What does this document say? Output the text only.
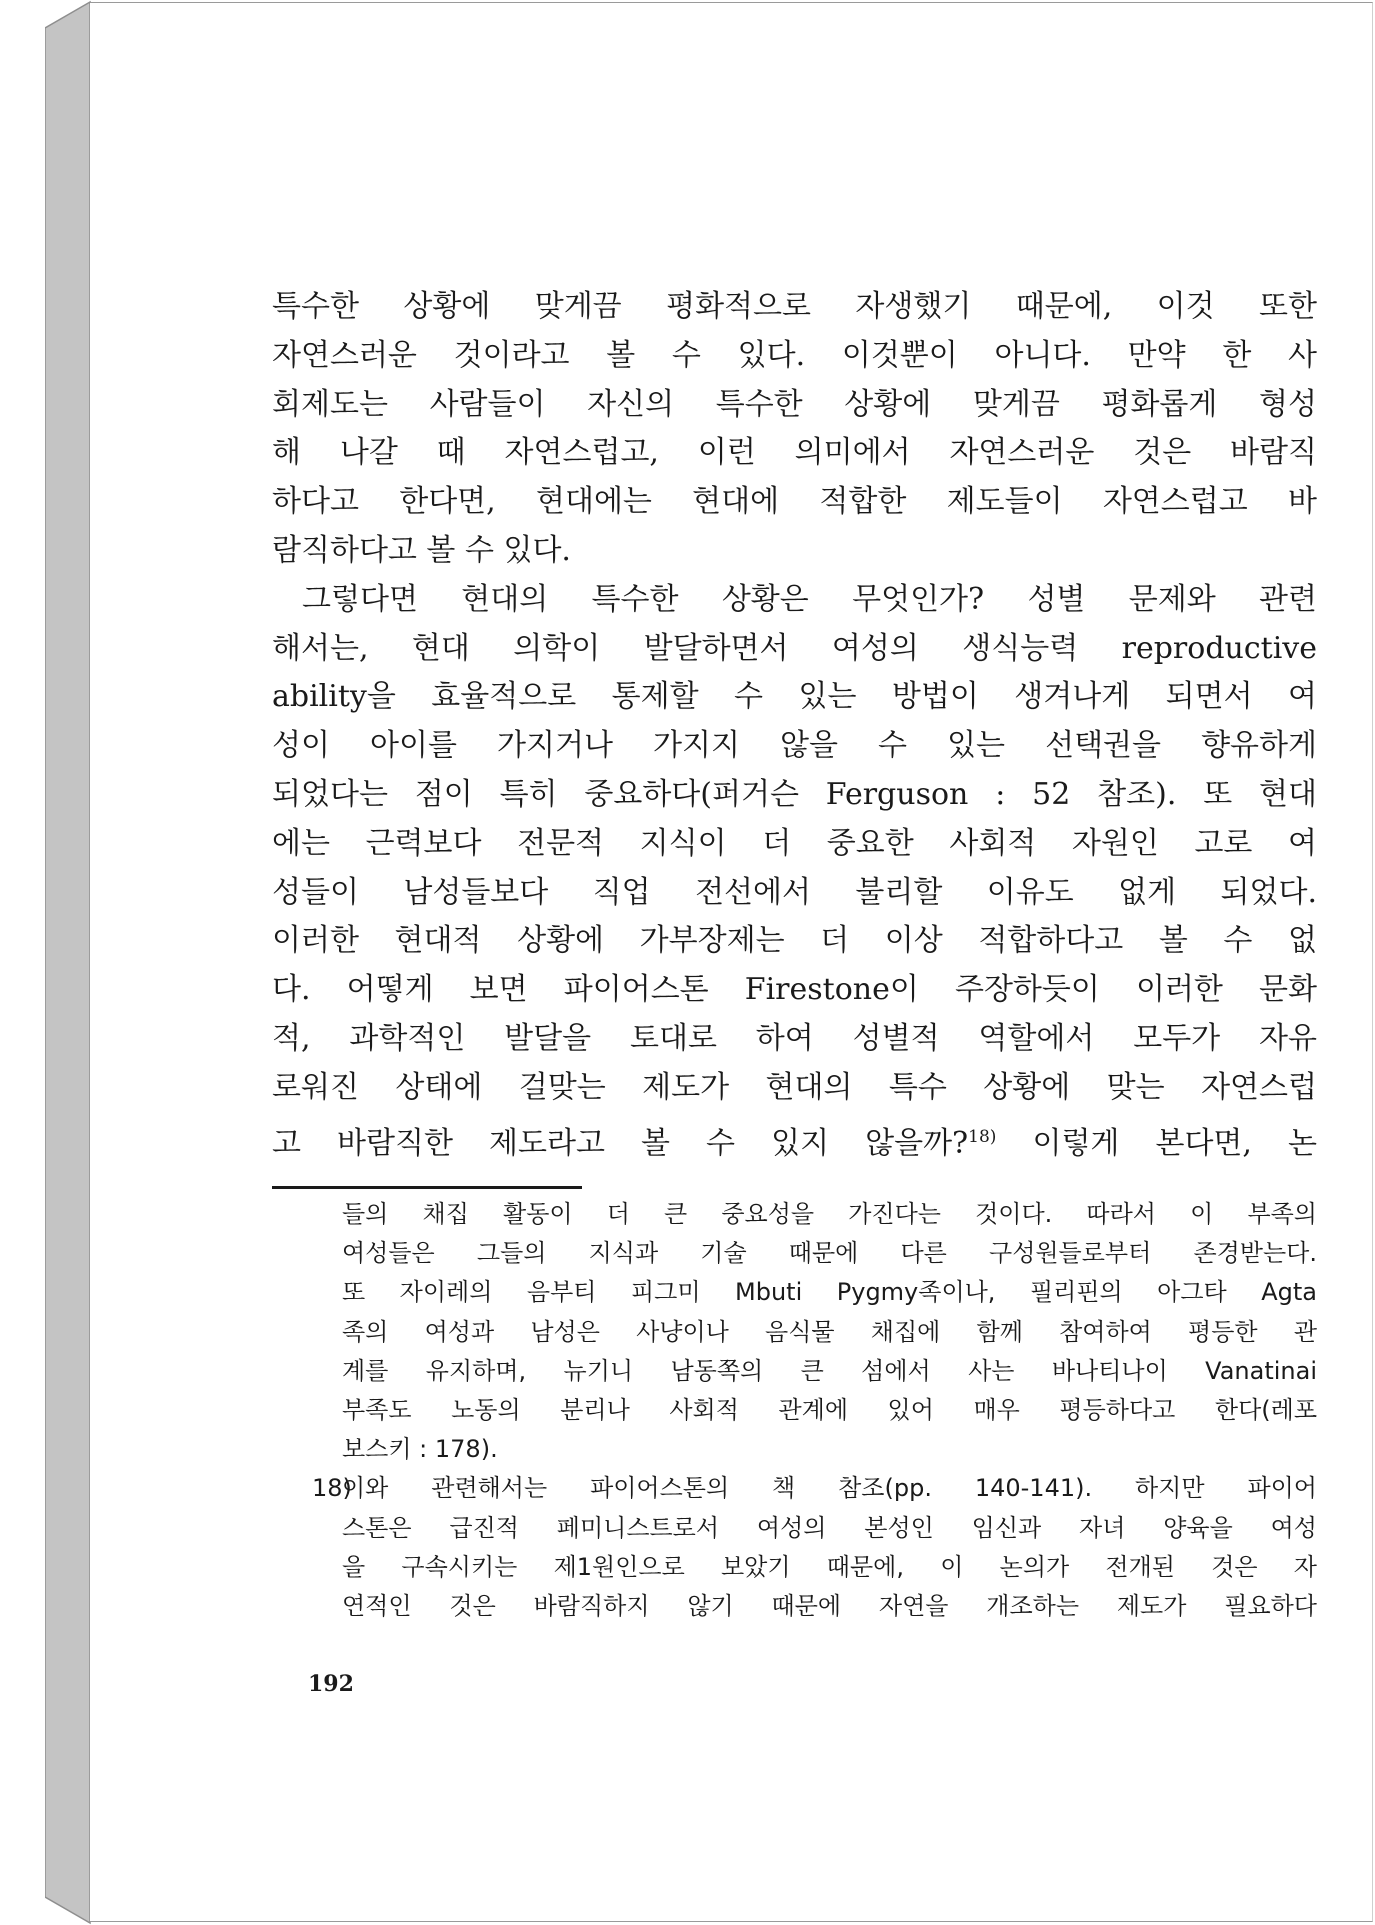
특수한 상황에 맞게끔 평화적으로 자생했기 때문에, 이것 또한
자연스러운 것이라고 볼 수 있다. 이것뿐이 아니다. 만약 한 사
회제도는 사람들이 자신의 특수한 상황에 맞게끔 평화롭게 형성
해 나갈 때 자연스럽고, 이런 의미에서 자연스러운 것은 바람직
하다고 한다면, 현대에는 현대에 적합한 제도들이 자연스럽고 바
람직하다고 볼 수 있다.
그렇다면 현대의 특수한 상황은 무엇인가? 성별 문제와 관련
해서는, 현대 의학이 발달하면서 여성의 생식능력 reproductive
ability을 효율적으로 통제할 수 있는 방법이 생겨나게 되면서 여
성이 아이를 가지거나 가지지 않을 수 있는 선택권을 향유하게
되었다는 점이 특히 중요하다(퍼거슨 Ferguson : 52 참조). 또 현대
에는 근력보다 전문적 지식이 더 중요한 사회적 자원인 고로 여
성들이 남성들보다 직업 전선에서 불리할 이유도 없게 되었다.
이러한 현대적 상황에 가부장제는 더 이상 적합하다고 볼 수 없
다. 어떻게 보면 파이어스톤 Firestone이 주장하듯이 이러한 문화
적, 과학적인 발달을 토대로 하여 성별적 역할에서 모두가 자유
로워진 상태에 걸맞는 제도가 현대의 특수 상황에 맞는 자연스럽
고 바람직한 제도라고 볼 수 있지 않을까?$^{18)}$ 이렇게 본다면, 논
들의 채집 활동이 더 큰 중요성을 가진다는 것이다. 따라서 이 부족의
여성들은 그들의 지식과 기술 때문에 다른 구성원들로부터 존경받는다.
또 자이레의 음부티 피그미 Mbuti Pygmy족이나, 필리핀의 아그타 Agta
족의 여성과 남성은 사냥이나 음식물 채집에 함께 참여하여 평등한 관
계를 유지하며, 뉴기니 남동쪽의 큰 섬에서 사는 바나티나이 Vanatinai
부족도 노동의 분리나 사회적 관계에 있어 매우 평등하다고 한다(레포
보스키 : 178).
18)이와 관련해서는 파이어스톤의 책 참조(pp. 140-141). 하지만 파이어
스톤은 급진적 페미니스트로서 여성의 본성인 임신과 자녀 양육을 여성
을 구속시키는 제1원인으로 보았기 때문에, 이 논의가 전개된 것은 자
연적인 것은 바람직하지 않기 때문에 자연을 개조하는 제도가 필요하다
192
